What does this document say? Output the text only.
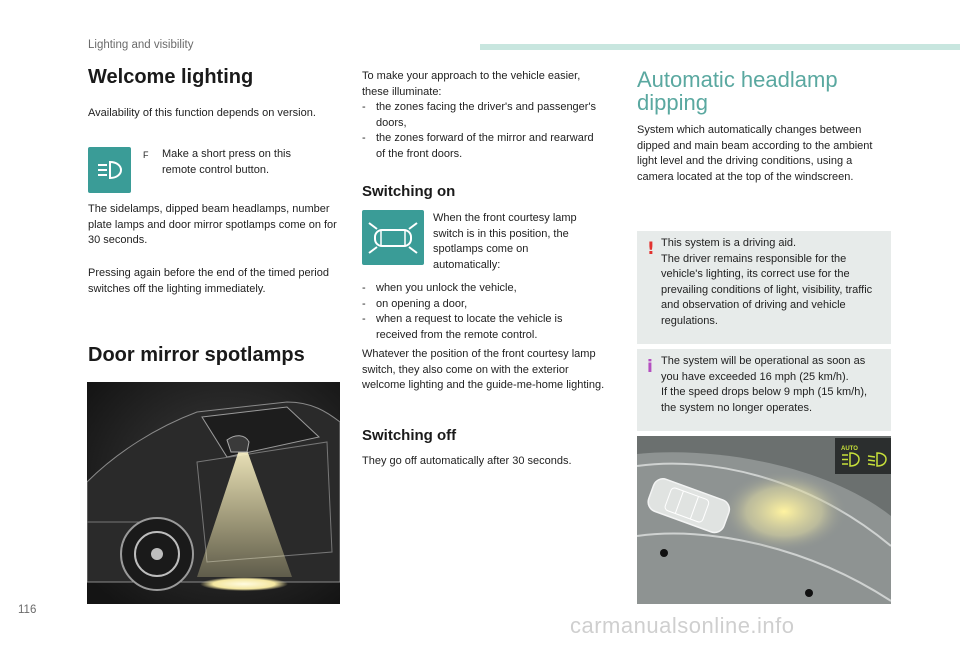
Lighting and visibility
Welcome lighting

Availability of this function depends on version.

F Make a short press on this remote control button.

The sidelamps, dipped beam headlamps, number plate lamps and door mirror spotlamps come on for 30 seconds.

Pressing again before the end of the timed period switches off the lighting immediately.

Door mirror spotlamps

To make your approach to the vehicle easier, these illuminate:

- the zones facing the driver's and passenger's doors,
- the zones forward of the mirror and rearward of the front doors.
Switching on

When the front courtesy lamp switch is in this position, the spotlamps come on automatically:

- when you unlock the vehicle,
- on opening a door,
- when a request to locate the vehicle is received from the remote control.

Whatever the position of the front courtesy lamp switch, they also come on with the exterior welcome lighting and the guide-me-home lighting.

Switching off

They go off automatically after 30 seconds.

Automatic headlamp
dipping

System which automatically changes between dipped and main beam according to the ambient light level and the driving conditions, using a camera located at the top of the windscreen.

! This system is a driving aid.

The driver remains responsible for the vehicle's lighting, its correct use for the prevailing conditions of light, visibility, traffic and observation of driving and vehicle regulations.

i The system will be operational as soon as you have exceeded 16 mph (25 km/h).

If the speed drops below 9 mph (15 km/h), the system no longer operates.

AUTO
116
carmanualsonline.info
